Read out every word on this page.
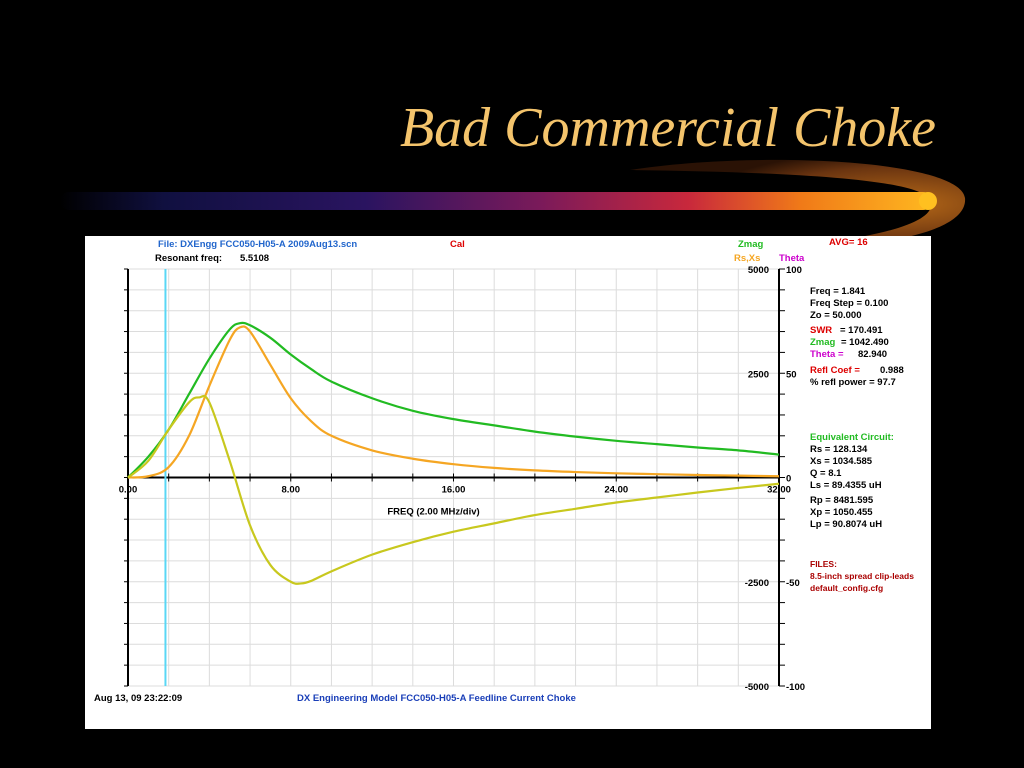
Bad Commercial Choke
0.00	8.00	16.00	24.00	32.00
FREQ (2.00 MHz/div)
5000
2500
-2500
-5000
100
50
0
-50
-100
File: DXEngg FCC050-H05-A 2009Aug13.scn	Cal
Resonant freq: 5.5108
AVG= 16
Zmag
Rs,Xs Theta
Freq = 1.841
Freq Step = 0.100
Zo = 50.000
SWR = 170.491
Zmag = 1042.490
Theta = 82.940
Refl Coef = 0.988
% refl power = 97.7
Equivalent Circuit:
Rs = 128.134
Xs = 1034.585
Q = 8.1
Ls = 89.4355 uH
Rp = 8481.595
Xp = 1050.455
Lp = 90.8074 uH
FILES:
8.5-inch spread clip-leads
default_config.cfg
Aug 13, 09 23:22:09	DX Engineering Model FCC050-H05-A Feedline Current Choke
